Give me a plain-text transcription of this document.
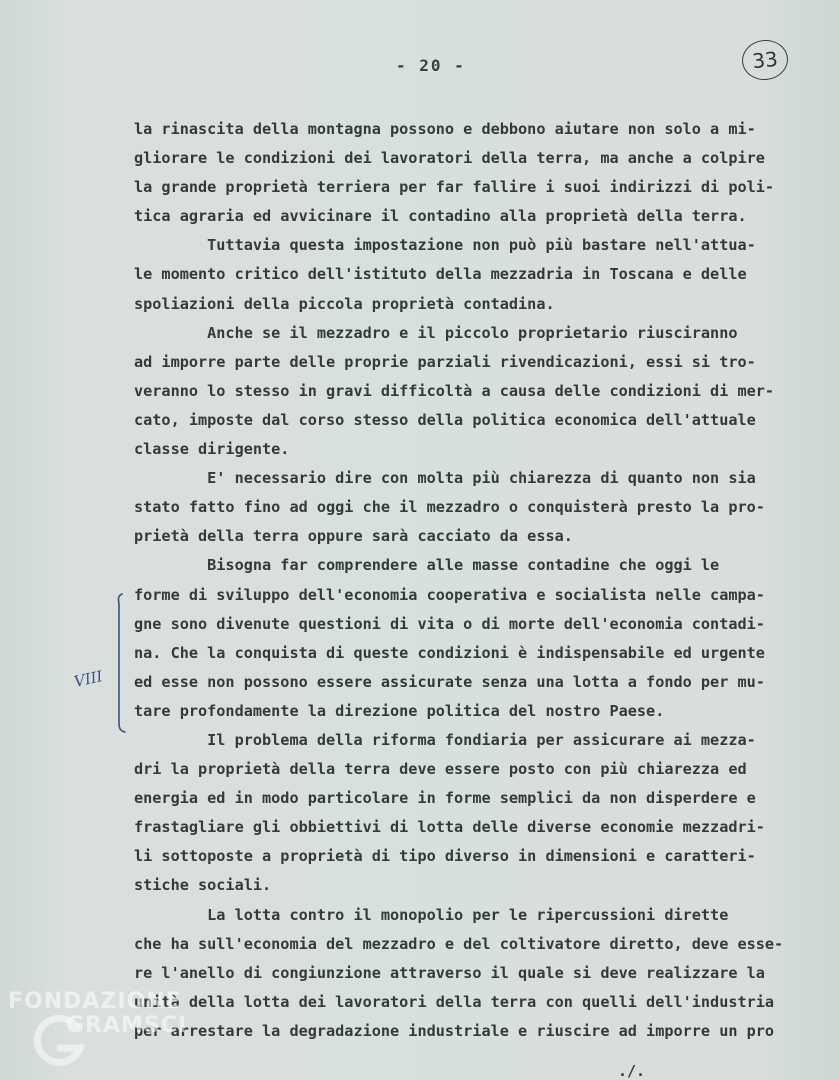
- 20 -	33
la rinascita della montagna possono e debbono aiutare non solo a mi-
gliorare le condizioni dei lavoratori della terra, ma anche a colpire
la grande proprietà terriera per far fallire i suoi indirizzi di poli-
tica agraria ed avvicinare il contadino alla proprietà della terra.
Tuttavia questa impostazione non può più bastare nell'attua-
le momento critico dell'istituto della mezzadria in Toscana e delle
spoliazioni della piccola proprietà contadina.
Anche se il mezzadro e il piccolo proprietario riusciranno
ad imporre parte delle proprie parziali rivendicazioni, essi si tro-
veranno lo stesso in gravi difficoltà a causa delle condizioni di mer-
cato, imposte dal corso stesso della politica economica dell'attuale
classe dirigente.
E' necessario dire con molta più chiarezza di quanto non sia
stato fatto fino ad oggi che il mezzadro o conquisterà presto la pro-
prietà della terra oppure sarà cacciato da essa.
Bisogna far comprendere alle masse contadine che oggi le
forme di sviluppo dell'economia cooperativa e socialista nelle campa-
gne sono divenute questioni di vita o di morte dell'economia contadi-
na. Che la conquista di queste condizioni è indispensabile ed urgente
ed esse non possono essere assicurate senza una lotta a fondo per mu-
tare profondamente la direzione politica del nostro Paese.
Il problema della riforma fondiaria per assicurare ai mezza-
dri la proprietà della terra deve essere posto con più chiarezza ed
energia ed in modo particolare in forme semplici da non disperdere e
frastagliare gli obbiettivi di lotta delle diverse economie mezzadri-
li sottoposte a proprietà di tipo diverso in dimensioni e caratteri-
stiche sociali.
La lotta contro il monopolio per le ripercussioni dirette
che ha sull'economia del mezzadro e del coltivatore diretto, deve esse-
re l'anello di congiunzione attraverso il quale si deve realizzare la
unità della lotta dei lavoratori della terra con quelli dell'industria
per arrestare la degradazione industriale e riuscire ad imporre un pro
VIII
FONDAZIONE
GRAMSCI
./.
